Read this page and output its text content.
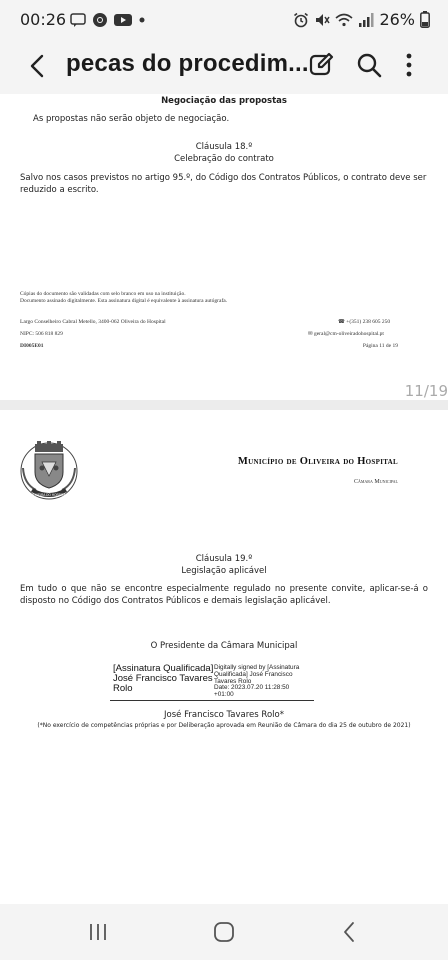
00:26	26%
pecas do procedim...
Negociação das propostas
As propostas não serão objeto de negociação.
Cláusula 18.º
Celebração do contrato
Salvo nos casos previstos no artigo 95.º, do Código dos Contratos Públicos, o contrato deve ser
reduzido a escrito.
Cópias do documento são validadas com selo branco em uso na instituição.
Documento assinado digitalmente. Esta assinatura digital é equivalente à assinatura autógrafa.
Largo Conselheiro Cabral Metello, 3400-062 Oliveira do Hospital	☎ +(351) 238 605 250
NIPC: 506 818 829	✉ geral@cm-oliveiradohospital.pt
DI005E01	Página 11 de 19
11/19
OLIVEIRA DO HOSPITAL
Município de Oliveira do Hospital
Câmara Municipal
Cláusula 19.º
Legislação aplicável
Em tudo o que não se encontre especialmente regulado no presente convite, aplicar-se-á o
disposto no Código dos Contratos Públicos e demais legislação aplicável.
O Presidente da Câmara Municipal
[Assinatura Qualificada]
José Francisco Tavares
Rolo
Digitally signed by [Assinatura
Qualificada] José Francisco
Tavares Rolo
Date: 2023.07.20 11:28:50
+01:00
José Francisco Tavares Rolo*
(*No exercício de competências próprias e por Deliberação aprovada em Reunião de Câmara do dia 25 de outubro de 2021)
